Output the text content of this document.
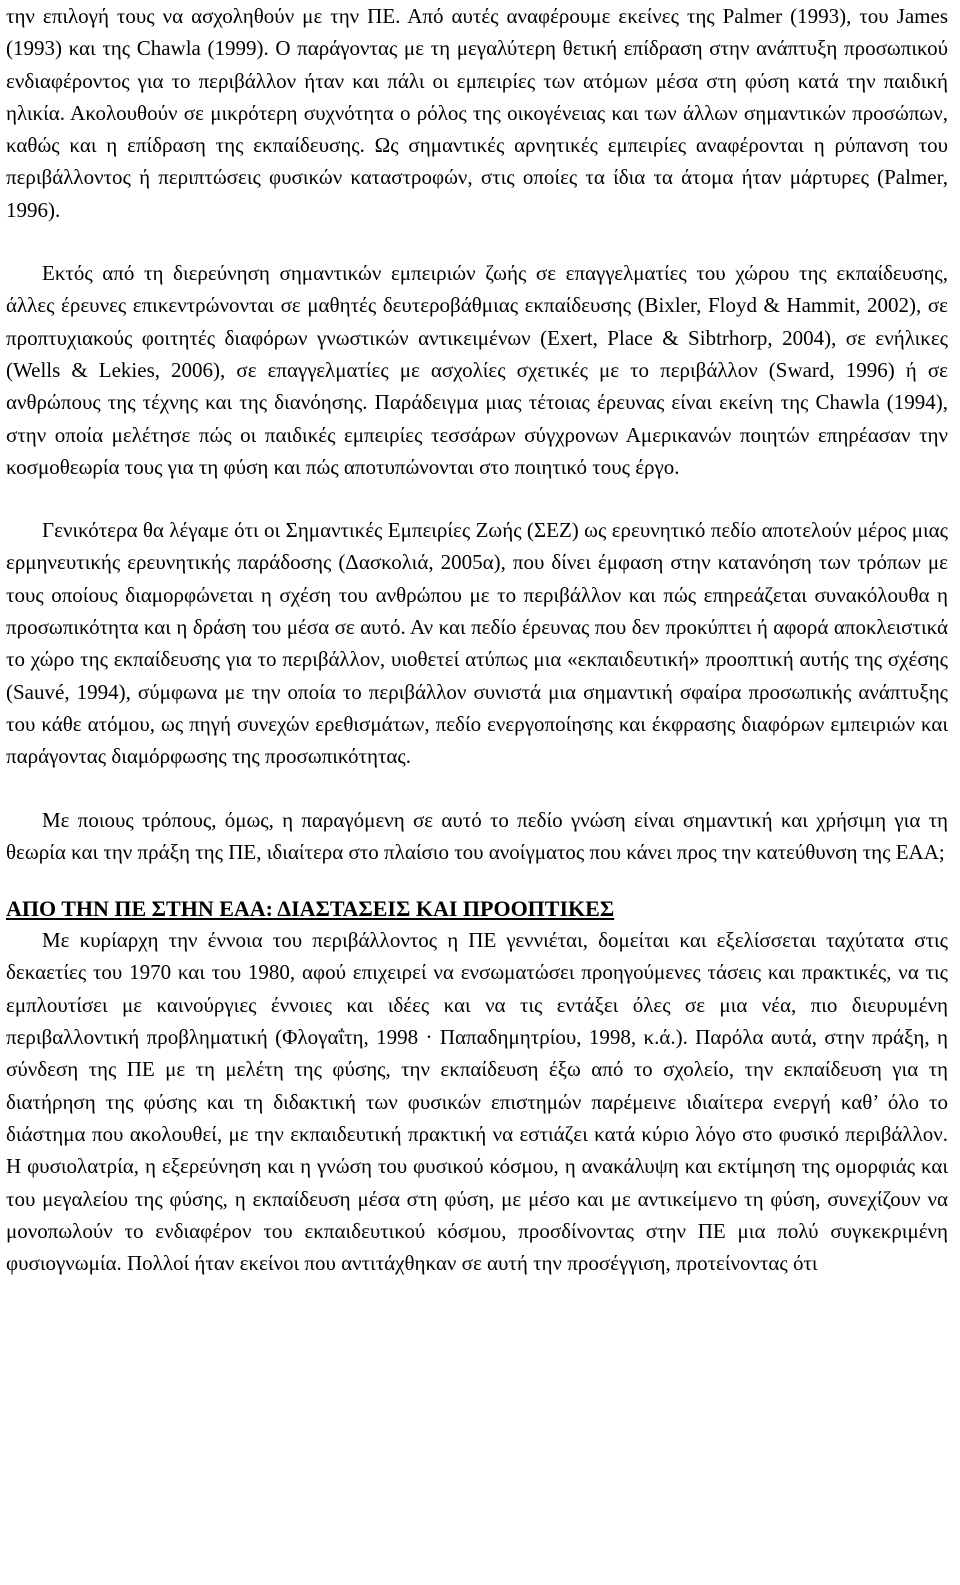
την επιλογή τους να ασχοληθούν με την ΠΕ. Από αυτές αναφέρουμε εκείνες της Palmer (1993), του James (1993) και της Chawla (1999). Ο παράγοντας με τη μεγαλύτερη θετική επίδραση στην ανάπτυξη προσωπικού ενδιαφέροντος για το περιβάλλον ήταν και πάλι οι εμπειρίες των ατόμων μέσα στη φύση κατά την παιδική ηλικία. Ακολουθούν σε μικρότερη συχνότητα ο ρόλος της οικογένειας και των άλλων σημαντικών προσώπων, καθώς και η επίδραση της εκπαίδευσης. Ως σημαντικές αρνητικές εμπειρίες αναφέρονται η ρύπανση του περιβάλλοντος ή περιπτώσεις φυσικών καταστροφών, στις οποίες τα ίδια τα άτομα ήταν μάρτυρες (Palmer, 1996).

Εκτός από τη διερεύνηση σημαντικών εμπειριών ζωής σε επαγγελματίες του χώρου της εκπαίδευσης, άλλες έρευνες επικεντρώνονται σε μαθητές δευτεροβάθμιας εκπαίδευσης (Bixler, Floyd & Hammit, 2002), σε προπτυχιακούς φοιτητές διαφόρων γνωστικών αντικειμένων (Exert, Place & Sibtrhorp, 2004), σε ενήλικες (Wells & Lekies, 2006), σε επαγγελματίες με ασχολίες σχετικές με το περιβάλλον (Sward, 1996) ή σε ανθρώπους της τέχνης και της διανόησης. Παράδειγμα μιας τέτοιας έρευνας είναι εκείνη της Chawla (1994), στην οποία μελέτησε πώς οι παιδικές εμπειρίες τεσσάρων σύγχρονων Αμερικανών ποιητών επηρέασαν την κοσμοθεωρία τους για τη φύση και πώς αποτυπώνονται στο ποιητικό τους έργο.

Γενικότερα θα λέγαμε ότι οι Σημαντικές Εμπειρίες Ζωής (ΣΕΖ) ως ερευνητικό πεδίο αποτελούν μέρος μιας ερμηνευτικής ερευνητικής παράδοσης (Δασκολιά, 2005α), που δίνει έμφαση στην κατανόηση των τρόπων με τους οποίους διαμορφώνεται η σχέση του ανθρώπου με το περιβάλλον και πώς επηρεάζεται συνακόλουθα η προσωπικότητα και η δράση του μέσα σε αυτό. Αν και πεδίο έρευνας που δεν προκύπτει ή αφορά αποκλειστικά το χώρο της εκπαίδευσης για το περιβάλλον, υιοθετεί ατύπως μια «εκπαιδευτική» προοπτική αυτής της σχέσης (Sauvé, 1994), σύμφωνα με την οποία το περιβάλλον συνιστά μια σημαντική σφαίρα προσωπικής ανάπτυξης του κάθε ατόμου, ως πηγή συνεχών ερεθισμάτων, πεδίο ενεργοποίησης και έκφρασης διαφόρων εμπειριών και παράγοντας διαμόρφωσης της προσωπικότητας.

Με ποιους τρόπους, όμως, η παραγόμενη σε αυτό το πεδίο γνώση είναι σημαντική και χρήσιμη για τη θεωρία και την πράξη της ΠΕ, ιδιαίτερα στο πλαίσιο του ανοίγματος που κάνει προς την κατεύθυνση της ΕΑΑ;

ΑΠΟ ΤΗΝ ΠΕ ΣΤΗΝ ΕΑΑ: ΔΙΑΣΤΑΣΕΙΣ ΚΑΙ ΠΡΟΟΠΤΙΚΕΣ

Με κυρίαρχη την έννοια του περιβάλλοντος η ΠΕ γεννιέται, δομείται και εξελίσσεται ταχύτατα στις δεκαετίες του 1970 και του 1980, αφού επιχειρεί να ενσωματώσει προηγούμενες τάσεις και πρακτικές, να τις εμπλουτίσει με καινούργιες έννοιες και ιδέες και να τις εντάξει όλες σε μια νέα, πιο διευρυμένη περιβαλλοντική προβληματική (Φλογαΐτη, 1998 · Παπαδημητρίου, 1998, κ.ά.). Παρόλα αυτά, στην πράξη, η σύνδεση της ΠΕ με τη μελέτη της φύσης, την εκπαίδευση έξω από το σχολείο, την εκπαίδευση για τη διατήρηση της φύσης και τη διδακτική των φυσικών επιστημών παρέμεινε ιδιαίτερα ενεργή καθ’ όλο το διάστημα που ακολουθεί, με την εκπαιδευτική πρακτική να εστιάζει κατά κύριο λόγο στο φυσικό περιβάλλον. Η φυσιολατρία, η εξερεύνηση και η γνώση του φυσικού κόσμου, η ανακάλυψη και εκτίμηση της ομορφιάς και του μεγαλείου της φύσης, η εκπαίδευση μέσα στη φύση, με μέσο και με αντικείμενο τη φύση, συνεχίζουν να μονοπωλούν το ενδιαφέρον του εκπαιδευτικού κόσμου, προσδίνοντας στην ΠΕ μια πολύ συγκεκριμένη φυσιογνωμία. Πολλοί ήταν εκείνοι που αντιτάχθηκαν σε αυτή την προσέγγιση, προτείνοντας ότι
